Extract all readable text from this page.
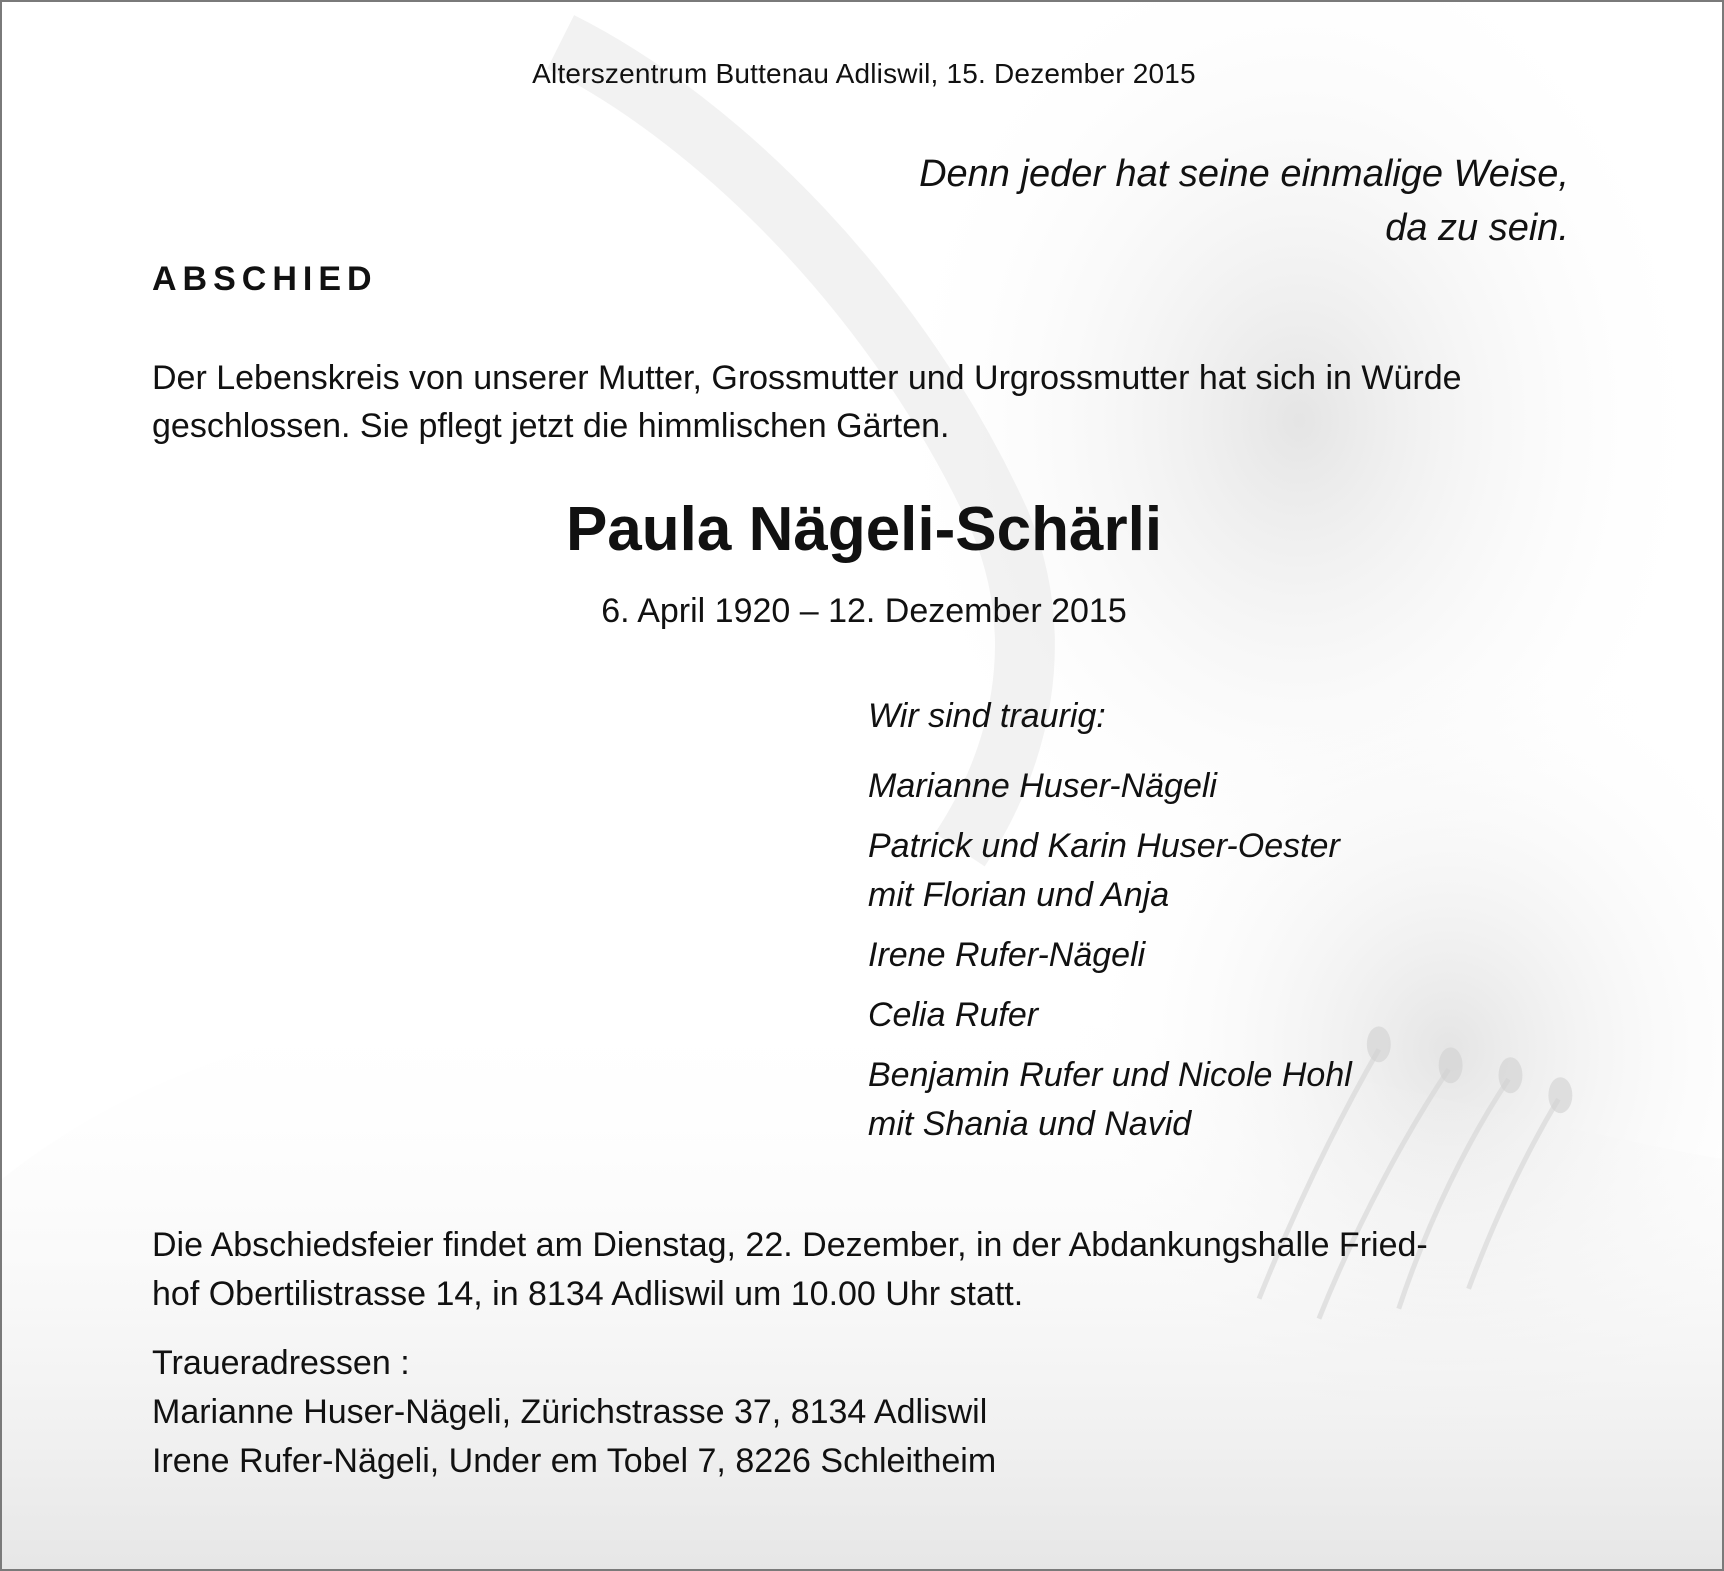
Alterszentrum Buttenau Adliswil, 15. Dezember 2015
Denn jeder hat seine einmalige Weise,
da zu sein.
ABSCHIED
Der Lebenskreis von unserer Mutter, Grossmutter und Urgrossmutter hat sich in Würde
geschlossen. Sie pflegt jetzt die himmlischen Gärten.
Paula Nägeli-Schärli
6. April 1920 – 12. Dezember 2015
Wir sind traurig:
Marianne Huser-Nägeli
Patrick und Karin Huser-Oester
mit Florian und Anja
Irene Rufer-Nägeli
Celia Rufer
Benjamin Rufer und Nicole Hohl
mit Shania und Navid
Die Abschiedsfeier findet am Dienstag, 22. Dezember, in der Abdankungshalle Fried-
hof Obertilistrasse 14, in 8134 Adliswil um 10.00 Uhr statt.
Traueradressen :
Marianne Huser-Nägeli, Zürichstrasse 37, 8134 Adliswil
Irene Rufer-Nägeli, Under em Tobel 7, 8226 Schleitheim
